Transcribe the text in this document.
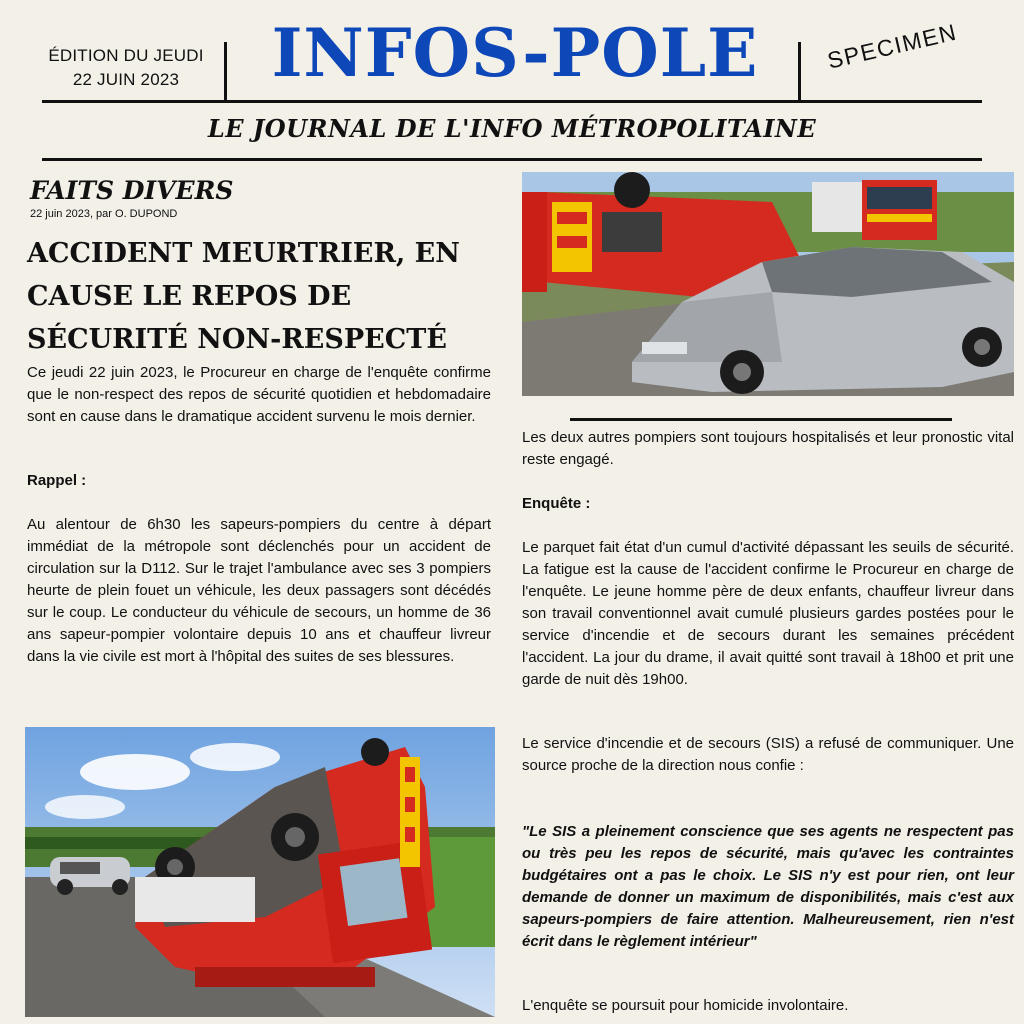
ÉDITION DU JEUDI
22 JUIN 2023	INFOS-POLE	SPECIMEN
LE JOURNAL DE L'INFO MÉTROPOLITAINE
FAITS DIVERS
22 juin 2023, par O. DUPOND
ACCIDENT MEURTRIER, EN CAUSE LE REPOS DE SÉCURITÉ NON-RESPECTÉ
Ce jeudi 22 juin 2023, le Procureur en charge de l'enquête confirme que le non-respect des repos de sécurité quotidien et hebdomadaire sont en cause dans le dramatique accident survenu le mois dernier.
Rappel :
Au alentour de 6h30 les sapeurs-pompiers du centre à départ immédiat de la métropole sont déclenchés pour un accident de circulation sur la D112. Sur le trajet l'ambulance avec ses 3 pompiers heurte de plein fouet un véhicule, les deux passagers sont décédés sur le coup. Le conducteur du véhicule de secours, un homme de 36 ans sapeur-pompier volontaire depuis 10 ans et chauffeur livreur dans la vie civile est mort à l'hôpital des suites de ses blessures.
Les deux autres pompiers sont toujours hospitalisés et leur pronostic vital reste engagé.
Enquête :
Le parquet fait état d'un cumul d'activité dépassant les seuils de sécurité. La fatigue est la cause de l'accident confirme le Procureur en charge de l'enquête. Le jeune homme père de deux enfants, chauffeur livreur dans son travail conventionnel avait cumulé plusieurs gardes postées pour le service d'incendie et de secours durant les semaines précédent l'accident. La jour du drame, il avait quitté sont travail à 18h00 et prit une garde de nuit dès 19h00.
Le service d'incendie et de secours (SIS) a refusé de communiquer. Une source proche de la direction nous confie :
"Le SIS a pleinement conscience que ses agents ne respectent pas ou très peu les repos de sécurité, mais qu'avec les contraintes budgétaires ont a pas le choix. Le SIS n'y est pour rien, ont leur demande de donner un maximum de disponibilités, mais c'est aux sapeurs-pompiers de faire attention. Malheureusement, rien n'est écrit dans le règlement intérieur"
L'enquête se poursuit pour homicide involontaire.
